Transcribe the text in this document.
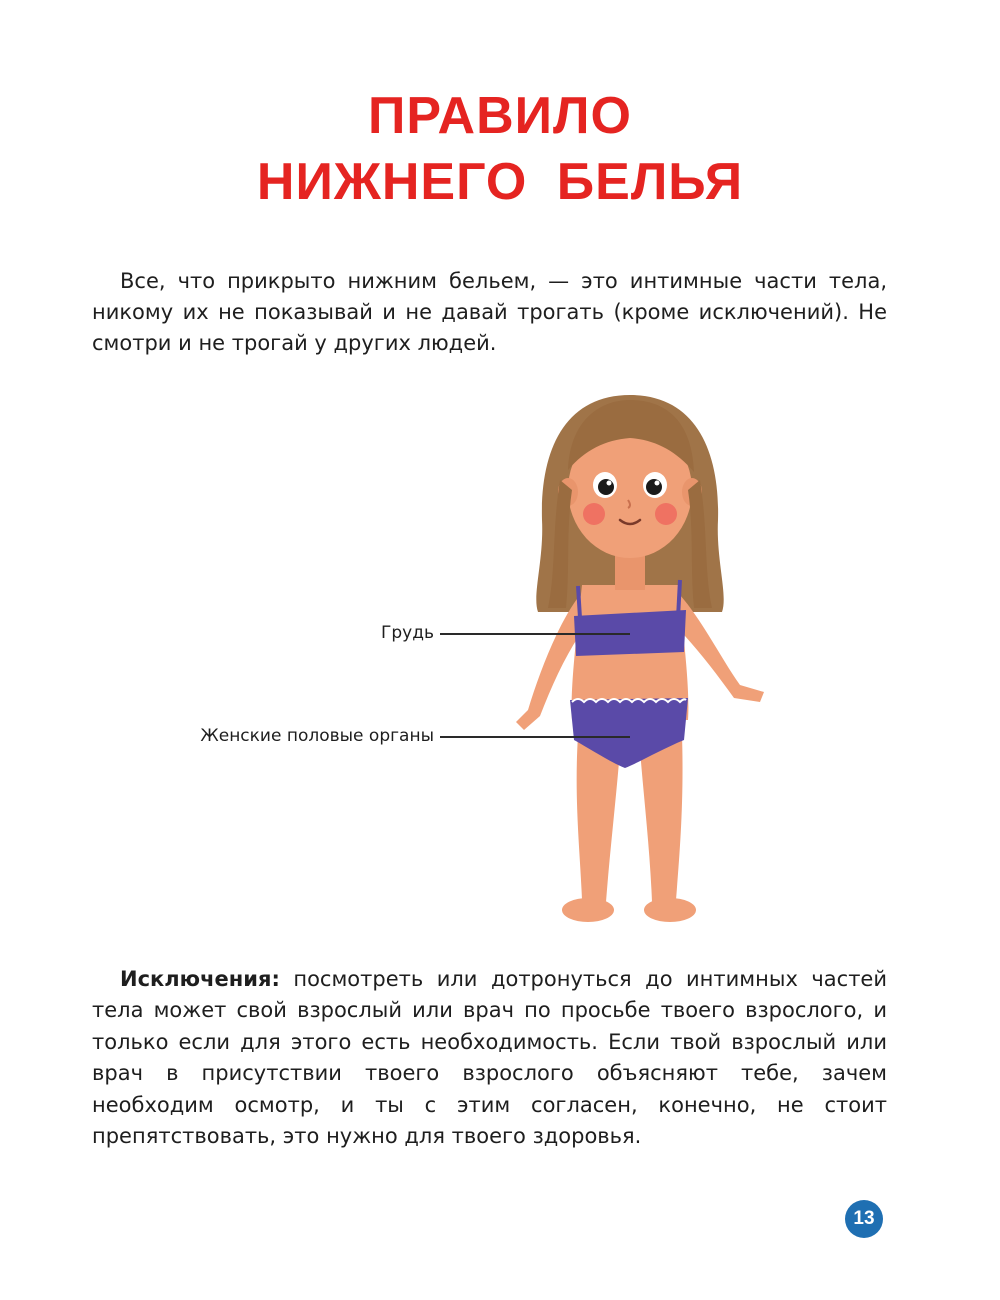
ПРАВИЛО
НИЖНЕГО БЕЛЬЯ

Все, что прикрыто нижним бельем, — это интимные части тела, никому их не показывай и не давай трогать (кроме исключений). Не смотри и не трогай у других людей.

Грудь
Женские половые органы

Исключения: посмотреть или дотронуться до интимных частей тела может свой взрослый или врач по просьбе твоего взрослого, и только если для этого есть необходимость. Если твой взрослый или врач в присутствии твоего взрослого объясняют тебе, зачем необходим осмотр, и ты с этим согласен, конечно, не стоит препятствовать, это нужно для твоего здоровья.

13
